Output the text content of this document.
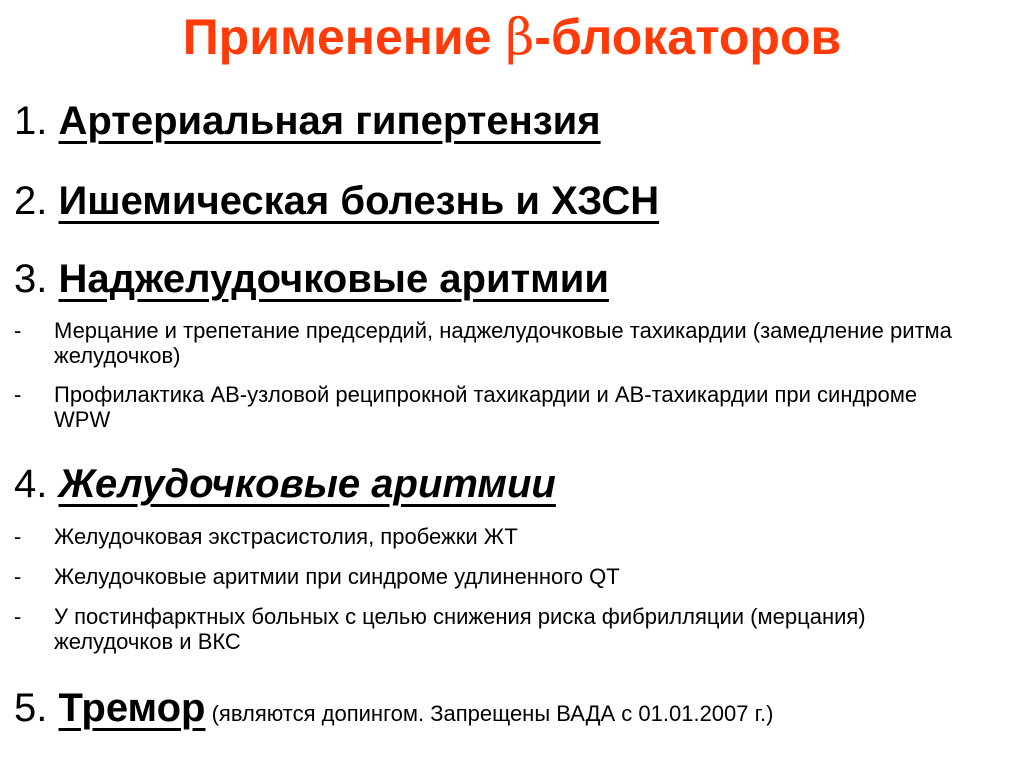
Применение β-блокаторов
1. Артериальная гипертензия
2. Ишемическая болезнь и ХЗСН
3. Наджелудочковые аритмии
- Мерцание и трепетание предсердий, наджелудочковые тахикардии (замедление ритма желудочков)
- Профилактика АВ-узловой реципрокной тахикардии и АВ-тахикардии при синдроме WPW
4. Желудочковые аритмии
- Желудочковая экстрасистолия, пробежки ЖТ
- Желудочковые аритмии при синдроме удлиненного QT
- У постинфарктных больных с целью снижения риска фибрилляции (мерцания) желудочков и ВКС
5. Тремор (являются допингом. Запрещены ВАДА с 01.01.2007 г.)
